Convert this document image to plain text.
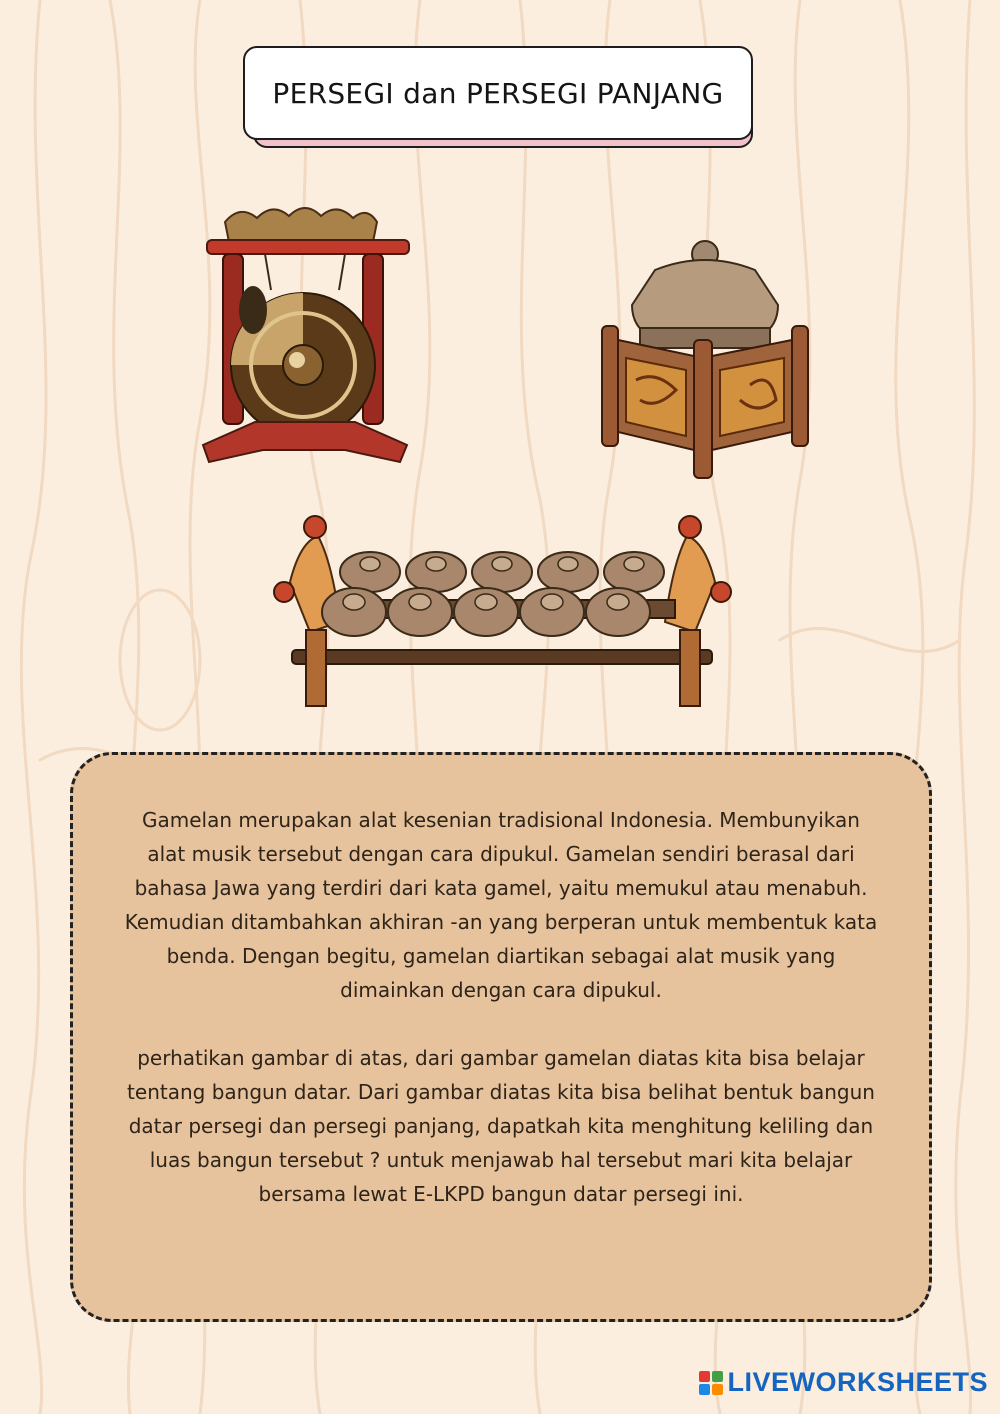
PERSEGI dan PERSEGI PANJANG

Gamelan merupakan alat kesenian tradisional Indonesia. Membunyikan alat musik tersebut dengan cara dipukul. Gamelan sendiri berasal dari bahasa Jawa yang terdiri dari kata gamel, yaitu memukul atau menabuh. Kemudian ditambahkan akhiran -an yang berperan untuk membentuk kata benda. Dengan begitu, gamelan diartikan sebagai alat musik yang dimainkan dengan cara dipukul.

perhatikan gambar di atas, dari gambar gamelan diatas kita bisa belajar tentang bangun datar. Dari gambar diatas kita bisa belihat bentuk bangun datar persegi dan persegi panjang, dapatkah kita menghitung keliling dan luas bangun tersebut ? untuk menjawab hal tersebut mari kita belajar bersama lewat E-LKPD bangun datar persegi ini.

LIVEWORKSHEETS
